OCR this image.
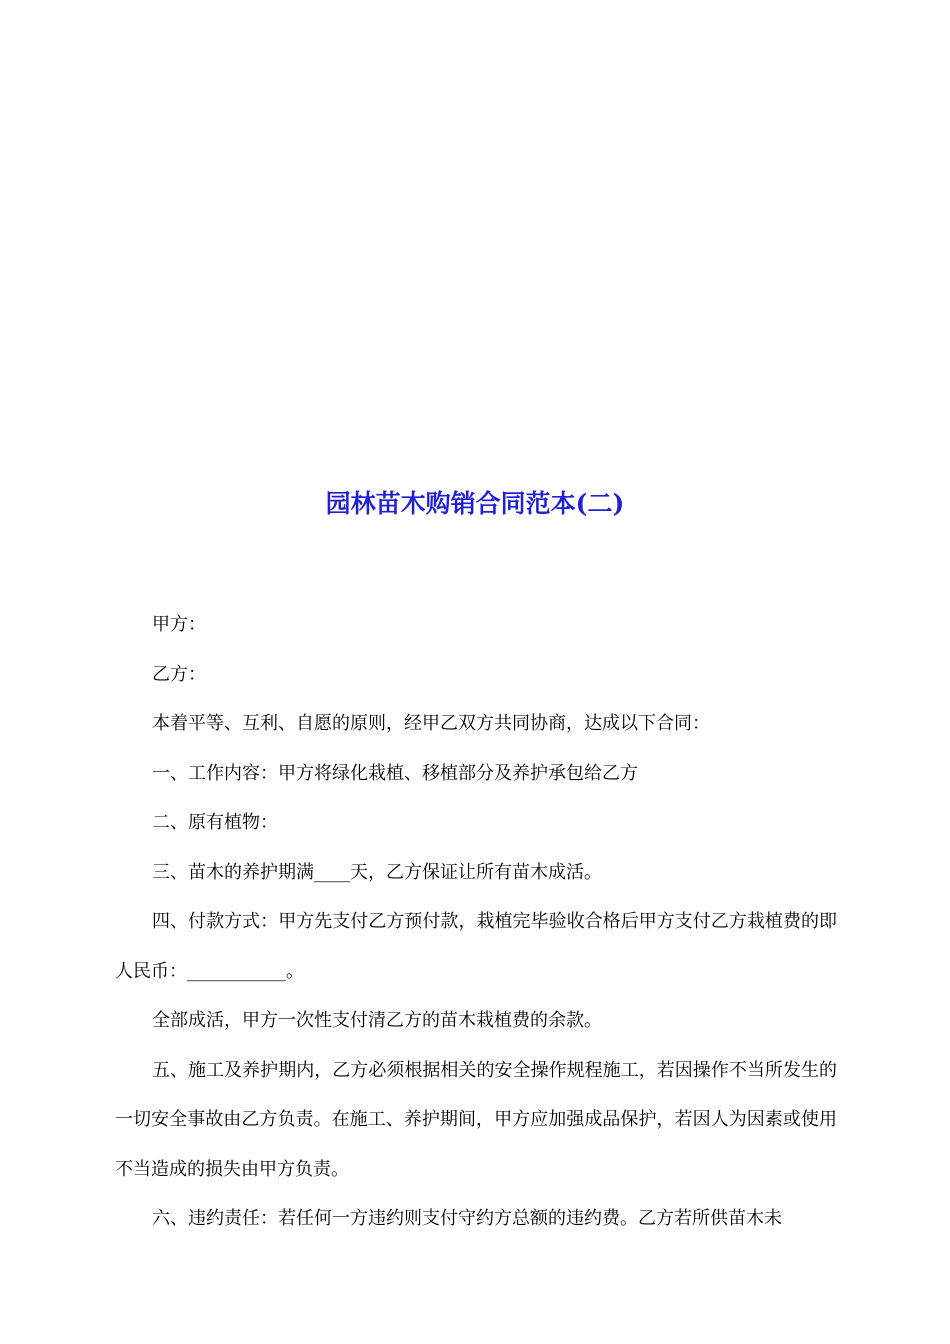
园林苗木购销合同范本(二)

甲方：

乙方：

本着平等、互利、自愿的原则，经甲乙双方共同协商，达成以下合同：

一、工作内容：甲方将绿化栽植、移植部分及养护承包给乙方

二、原有植物：

三、苗木的养护期满____天，乙方保证让所有苗木成活。

四、付款方式：甲方先支付乙方预付款，栽植完毕验收合格后甲方支付乙方栽植费的即人民币：___________。

全部成活，甲方一次性支付清乙方的苗木栽植费的余款。

五、施工及养护期内，乙方必须根据相关的安全操作规程施工，若因操作不当所发生的一切安全事故由乙方负责。在施工、养护期间，甲方应加强成品保护，若因人为因素或使用不当造成的损失由甲方负责。

六、违约责任：若任何一方违约则支付守约方总额的违约费。乙方若所供苗木未
